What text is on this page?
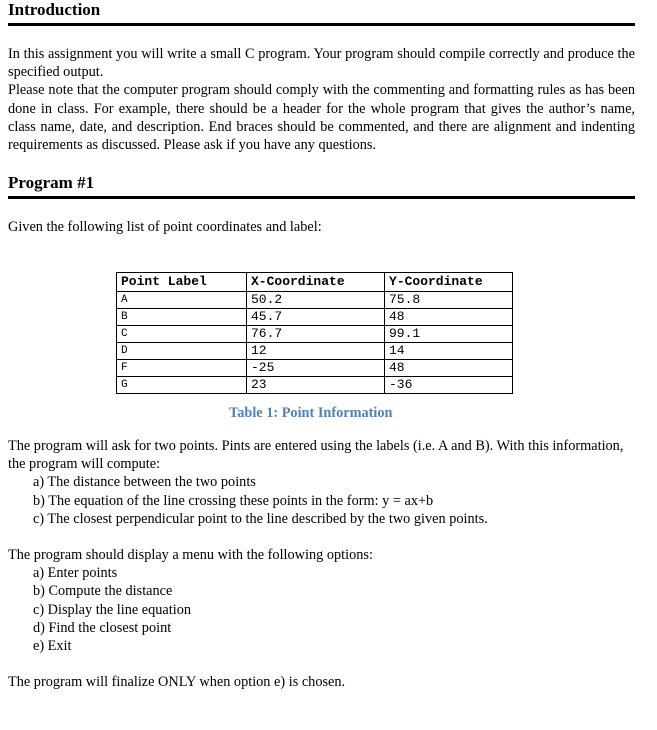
Introduction

In this assignment you will write a small C program. Your program should compile correctly and produce the specified output.

Please note that the computer program should comply with the commenting and formatting rules as has been done in class. For example, there should be a header for the whole program that gives the author’s name, class name, date, and description. End braces should be commented, and there are alignment and indenting requirements as discussed. Please ask if you have any questions.

Program #1

Given the following list of point coordinates and label:

Point Label	X-Coordinate	Y-Coordinate
A	50.2	75.8
B	45.7	48
C	76.7	99.1
D	12	14
F	-25	48
G	23	-36
Table 1: Point Information

The program will ask for two points. Pints are entered using the labels (i.e. A and B). With this information, the program will compute:

a) The distance between the two points
b) The equation of the line crossing these points in the form: y = ax+b
c) The closest perpendicular point to the line described by the two given points.

The program should display a menu with the following options:

a) Enter points
b) Compute the distance
c) Display the line equation
d) Find the closest point
e) Exit

The program will finalize ONLY when option e) is chosen.
